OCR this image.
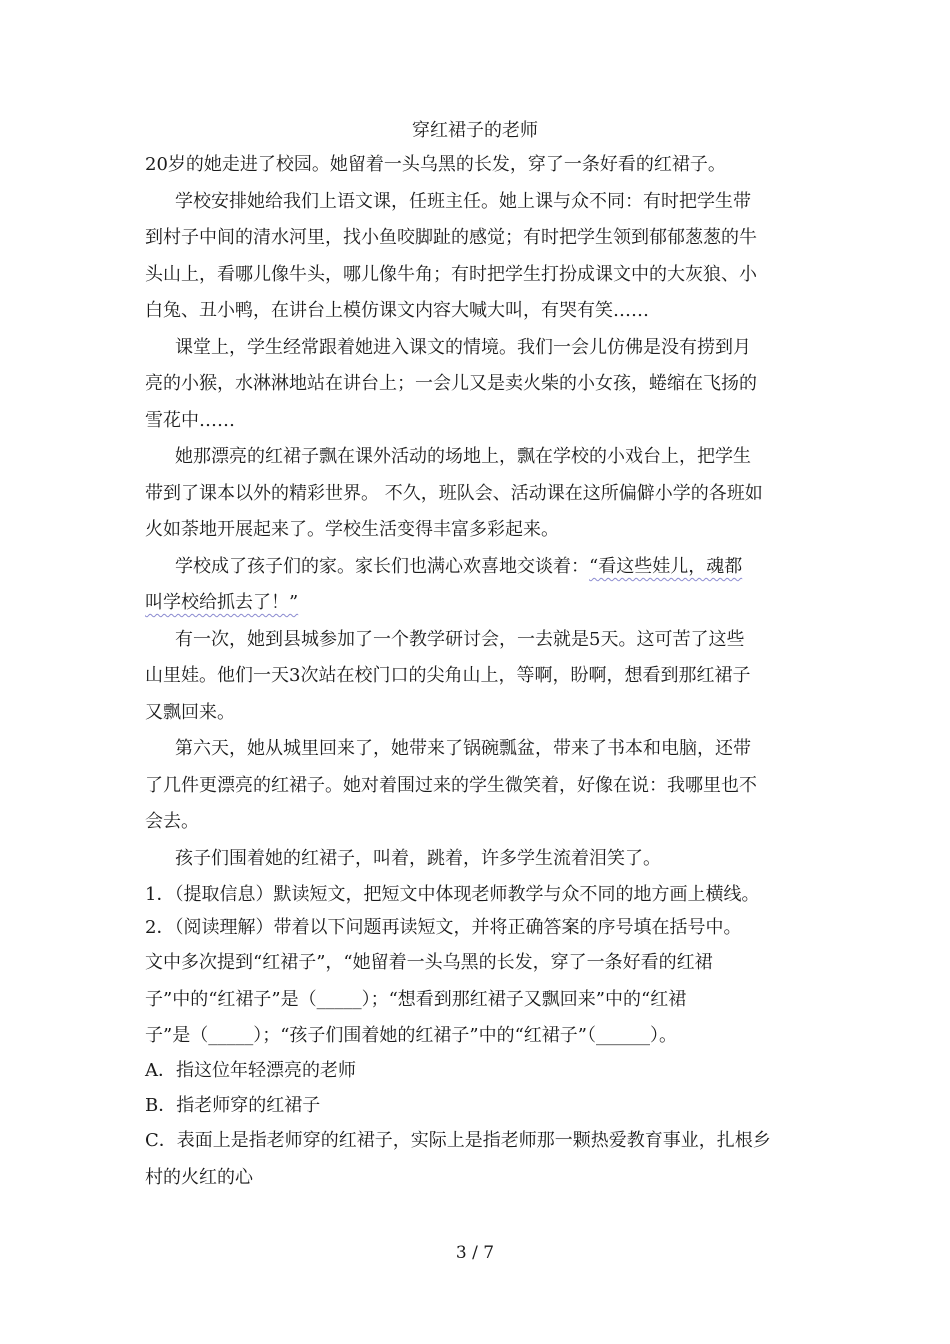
穿红裙子的老师
20岁的她走进了校园。她留着一头乌黑的长发，穿了一条好看的红裙子。
学校安排她给我们上语文课，任班主任。她上课与众不同：有时把学生带
到村子中间的清水河里，找小鱼咬脚趾的感觉；有时把学生领到郁郁葱葱的牛
头山上，看哪儿像牛头，哪儿像牛角；有时把学生打扮成课文中的大灰狼、小
白兔、丑小鸭，在讲台上模仿课文内容大喊大叫，有哭有笑……
课堂上，学生经常跟着她进入课文的情境。我们一会儿仿佛是没有捞到月
亮的小猴，水淋淋地站在讲台上；一会儿又是卖火柴的小女孩，蜷缩在飞扬的
雪花中……
她那漂亮的红裙子飘在课外活动的场地上，飘在学校的小戏台上，把学生
带到了课本以外的精彩世界。 不久，班队会、活动课在这所偏僻小学的各班如
火如荼地开展起来了。学校生活变得丰富多彩起来。
学校成了孩子们的家。家长们也满心欢喜地交谈着：“看这些娃儿，魂都
叫学校给抓去了！”
有一次，她到县城参加了一个教学研讨会，一去就是5天。这可苦了这些
山里娃。他们一天3次站在校门口的尖角山上，等啊，盼啊，想看到那红裙子
又飘回来。
第六天，她从城里回来了，她带来了锅碗瓢盆，带来了书本和电脑，还带
了几件更漂亮的红裙子。她对着围过来的学生微笑着，好像在说：我哪里也不
会去。
孩子们围着她的红裙子，叫着，跳着，许多学生流着泪笑了。
1．（提取信息）默读短文，把短文中体现老师教学与众不同的地方画上横线。
2．（阅读理解）带着以下问题再读短文，并将正确答案的序号填在括号中。
文中多次提到“红裙子”，“她留着一头乌黑的长发，穿了一条好看的红裙
子”中的“红裙子”是（_____）；“想看到那红裙子又飘回来”中的“红裙
子”是（_____）；“孩子们围着她的红裙子”中的“红裙子”（______）。
A．指这位年轻漂亮的老师
B．指老师穿的红裙子
C．表面上是指老师穿的红裙子，实际上是指老师那一颗热爱教育事业，扎根乡
村的火红的心
3 / 7
